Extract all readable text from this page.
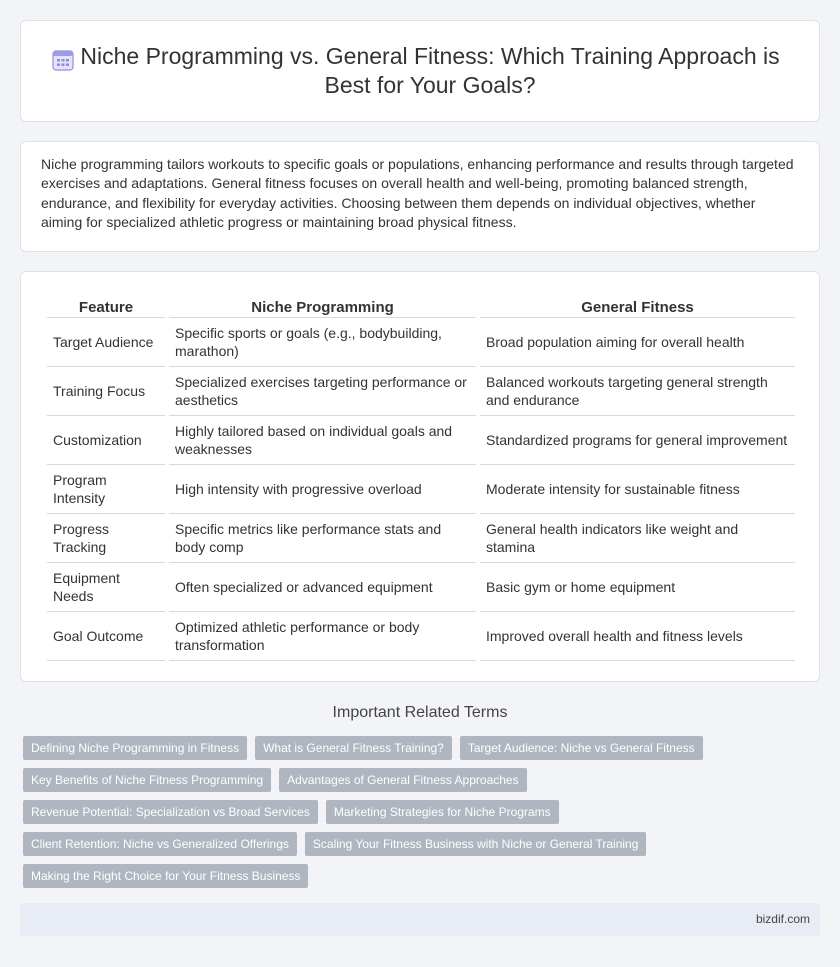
Niche Programming vs. General Fitness: Which Training Approach is Best for Your Goals?

Niche programming tailors workouts to specific goals or populations, enhancing performance and results through targeted exercises and adaptations. General fitness focuses on overall health and well-being, promoting balanced strength, endurance, and flexibility for everyday activities. Choosing between them depends on individual objectives, whether aiming for specialized athletic progress or maintaining broad physical fitness.

Feature	Niche Programming	General Fitness
Target Audience	Specific sports or goals (e.g., bodybuilding, marathon)	Broad population aiming for overall health
Training Focus	Specialized exercises targeting performance or aesthetics	Balanced workouts targeting general strength and endurance
Customization	Highly tailored based on individual goals and weaknesses	Standardized programs for general improvement
Program Intensity	High intensity with progressive overload	Moderate intensity for sustainable fitness
Progress Tracking	Specific metrics like performance stats and body comp	General health indicators like weight and stamina
Equipment Needs	Often specialized or advanced equipment	Basic gym or home equipment
Goal Outcome	Optimized athletic performance or body transformation	Improved overall health and fitness levels
Important Related Terms
Defining Niche Programming in Fitness	What is General Fitness Training?	Target Audience: Niche vs General Fitness
Key Benefits of Niche Fitness Programming	Advantages of General Fitness Approaches
Revenue Potential: Specialization vs Broad Services	Marketing Strategies for Niche Programs
Client Retention: Niche vs Generalized Offerings	Scaling Your Fitness Business with Niche or General Training
Making the Right Choice for Your Fitness Business
bizdif.com
